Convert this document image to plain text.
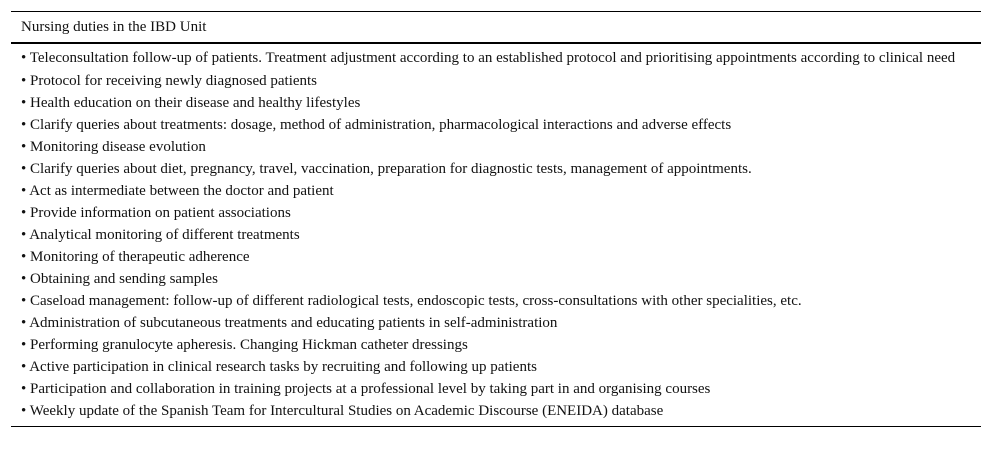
Nursing duties in the IBD Unit
• Teleconsultation follow-up of patients. Treatment adjustment according to an established protocol and prioritising appointments according to clinical need
• Protocol for receiving newly diagnosed patients
• Health education on their disease and healthy lifestyles
• Clarify queries about treatments: dosage, method of administration, pharmacological interactions and adverse effects
• Monitoring disease evolution
• Clarify queries about diet, pregnancy, travel, vaccination, preparation for diagnostic tests, management of appointments.
• Act as intermediate between the doctor and patient
• Provide information on patient associations
• Analytical monitoring of different treatments
• Monitoring of therapeutic adherence
• Obtaining and sending samples
• Caseload management: follow-up of different radiological tests, endoscopic tests, cross-consultations with other specialities, etc.
• Administration of subcutaneous treatments and educating patients in self-administration
• Performing granulocyte apheresis. Changing Hickman catheter dressings
• Active participation in clinical research tasks by recruiting and following up patients
• Participation and collaboration in training projects at a professional level by taking part in and organising courses
• Weekly update of the Spanish Team for Intercultural Studies on Academic Discourse (ENEIDA) database
